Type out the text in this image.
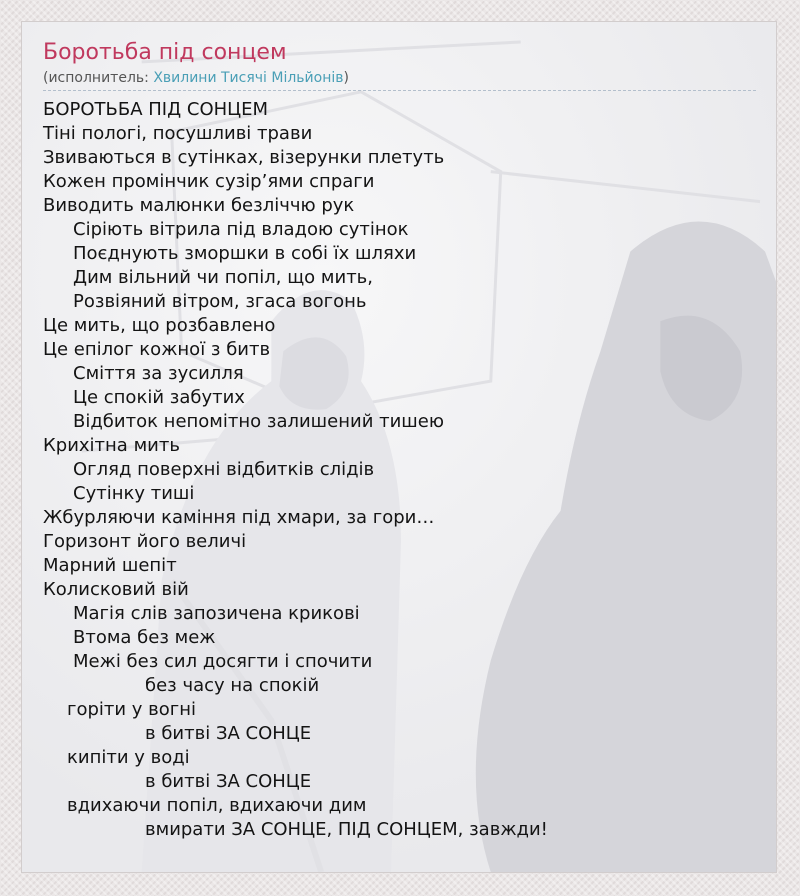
Боротьба під сонцем
(исполнитель: Хвилини Тисячі Мільйонів)
БОРОТЬБА ПІД СОНЦЕМ
Тіні пологі, посушливі трави
Звиваються в сутінках, візерунки плетуть
Кожен промінчик сузір’ями спраги
Виводить малюнки безліччю рук
Сіріють вітрила під владою сутінок
Поєднують зморшки в собі їх шляхи
Дим вільний чи попіл, що мить,
Розвіяний вітром, згаса вогонь
Це мить, що розбавлено
Це епілог кожної з битв
Сміття за зусилля
Це спокій забутих
Відбиток непомітно залишений тишею
Крихітна мить
Огляд поверхні відбитків слідів
Сутінку тиші
Жбурляючи каміння під хмари, за гори…
Горизонт його величі
Марний шепіт
Колисковий вій
Магія слів запозичена крикові
Втома без меж
Межі без сил досягти і спочити
без часу на спокій
горіти у вогні
в битві ЗА СОНЦЕ
кипіти у воді
в битві ЗА СОНЦЕ
вдихаючи попіл, вдихаючи дим
вмирати ЗА СОНЦЕ, ПІД СОНЦЕМ, завжди!
